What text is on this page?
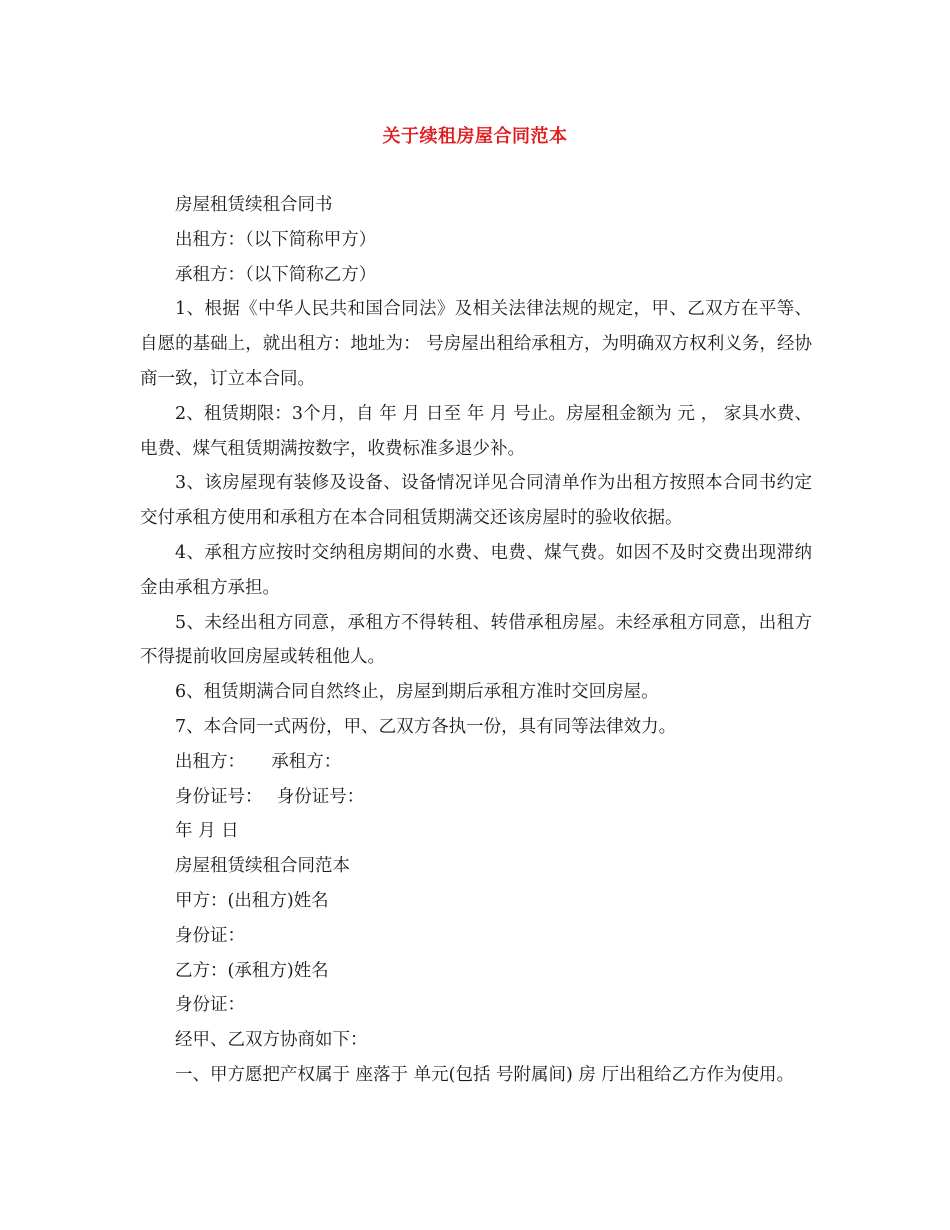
关于续租房屋合同范本

房屋租赁续租合同书

出租方：（以下简称甲方）

承租方：（以下简称乙方）

1、根据《中华人民共和国合同法》及相关法律法规的规定，甲、乙双方在平等、自愿的基础上，就出租方：地址为： 号房屋出租给承租方，为明确双方权利义务，经协商一致，订立本合同。

2、租赁期限：3个月，自 年 月 日至 年 月 号止。房屋租金额为 元 ， 家具水费、电费、煤气租赁期满按数字，收费标准多退少补。

3、该房屋现有装修及设备、设备情况详见合同清单作为出租方按照本合同书约定交付承租方使用和承租方在本合同租赁期满交还该房屋时的验收依据。

4、承租方应按时交纳租房期间的水费、电费、煤气费。如因不及时交费出现滞纳金由承租方承担。

5、未经出租方同意，承租方不得转租、转借承租房屋。未经承租方同意，出租方不得提前收回房屋或转租他人。

6、租赁期满合同自然终止，房屋到期后承租方准时交回房屋。

7、本合同一式两份，甲、乙双方各执一份，具有同等法律效力。

出租方：　　承租方：

身份证号：　 身份证号：

年 月 日

房屋租赁续租合同范本

甲方：(出租方)姓名

身份证：

乙方：(承租方)姓名

身份证：

经甲、乙双方协商如下：

一、甲方愿把产权属于 座落于 单元(包括 号附属间) 房 厅出租给乙方作为使用。
